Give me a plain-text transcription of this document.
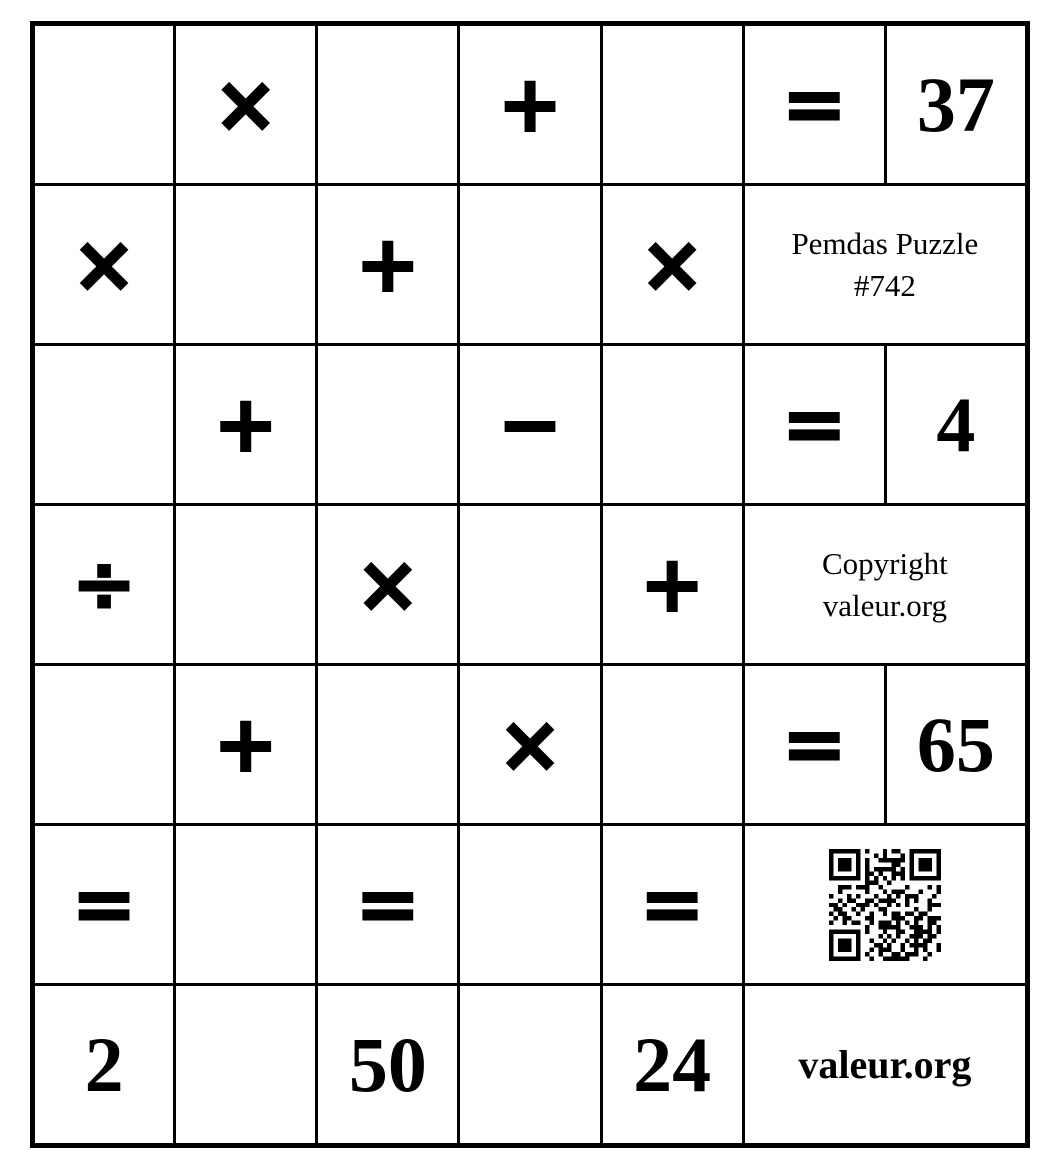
	×		+		=	37
×		+		×	Pemdas Puzzle
#742	

	+		−		=	4
÷		×		+	Copyright
valeur.org	

	+		×		=	65
=		=		=	

2		50		24	valeur.org	
